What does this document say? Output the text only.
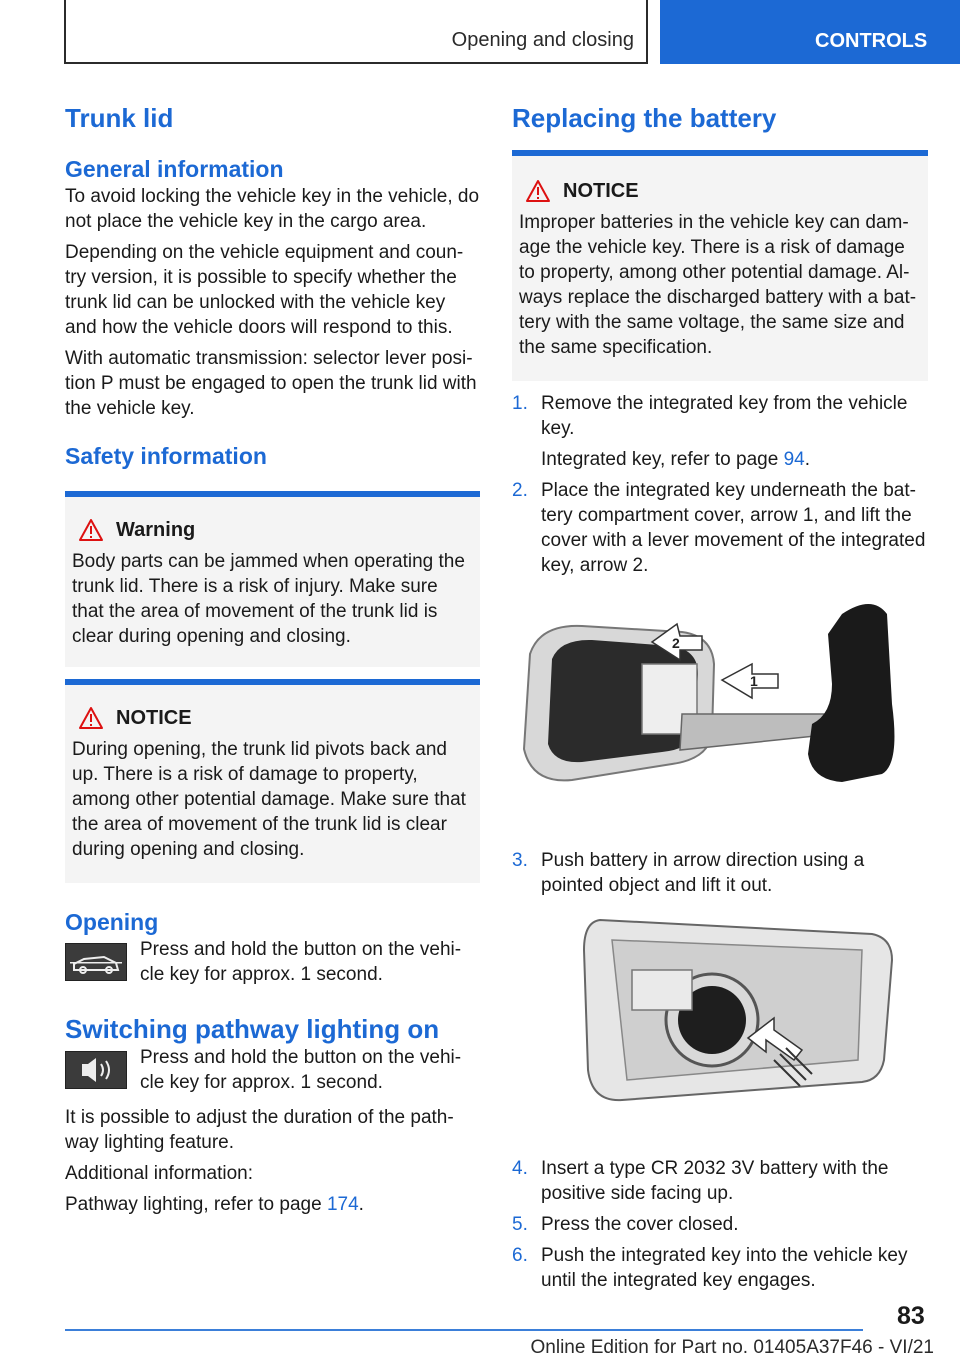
Opening and closing	CONTROLS
Trunk lid
General information

To avoid locking the vehicle key in the vehicle, do not place the vehicle key in the cargo area.

Depending on the vehicle equipment and coun‐try version, it is possible to specify whether the trunk lid can be unlocked with the vehicle key and how the vehicle doors will respond to this.

With automatic transmission: selector lever posi‐tion P must be engaged to open the trunk lid with the vehicle key.

Safety information
Warning

Body parts can be jammed when operating the trunk lid. There is a risk of injury. Make sure that the area of movement of the trunk lid is clear during opening and closing.

NOTICE

During opening, the trunk lid pivots back and up. There is a risk of damage to property, among other potential damage. Make sure that the area of movement of the trunk lid is clear during opening and closing.

Opening

Press and hold the button on the vehi‐cle key for approx. 1 second.

Switching pathway lighting on

Press and hold the button on the vehi‐cle key for approx. 1 second.

It is possible to adjust the duration of the path‐way lighting feature.

Additional information:

Pathway lighting, refer to page 174.

Replacing the battery
NOTICE

Improper batteries in the vehicle key can dam‐age the vehicle key. There is a risk of damage to property, among other potential damage. Al‐ways replace the discharged battery with a bat‐tery with the same voltage, the same size and the same specification.

1. Remove the integrated key from the vehicle key.

Integrated key, refer to page 94.

2. Place the integrated key underneath the bat‐tery compartment cover, arrow 1, and lift the cover with a lever movement of the integrated key, arrow 2.

2
1
3. Push battery in arrow direction using a pointed object and lift it out.

4. Insert a type CR 2032 3V battery with the positive side facing up.

5. Press the cover closed.

6. Push the integrated key into the vehicle key until the integrated key engages.

83
Online Edition for Part no. 01405A37F46 - VI/21
